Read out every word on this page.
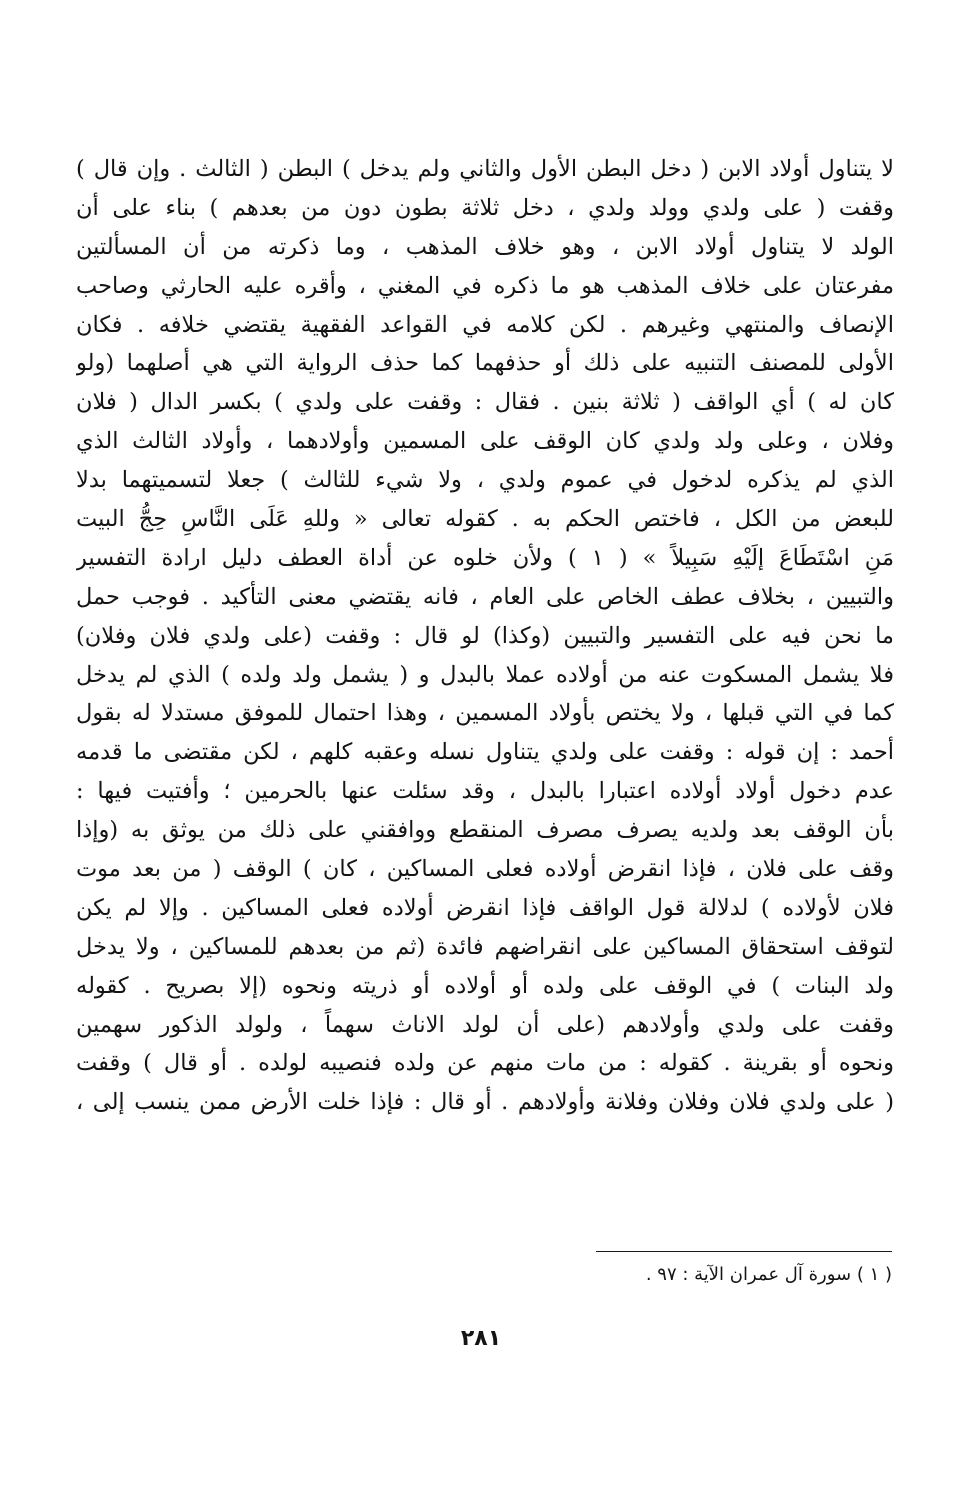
لا يتناول أولاد الابن ( دخل البطن الأول والثاني ولم يدخل ) البطن ( الثالث . وإن قال )
وقفت ( على ولدي وولد ولدي ، دخل ثلاثة بطون دون من بعدهم ) بناء على أن
الولد لا يتناول أولاد الابن ، وهو خلاف المذهب ، وما ذكرته من أن المسألتين
مفرعتان على خلاف المذهب هو ما ذكره في المغني ، وأقره عليه الحارثي وصاحب
الإنصاف والمنتهي وغيرهم . لكن كلامه في القواعد الفقهية يقتضي خلافه . فكان
الأولى للمصنف التنبيه على ذلك أو حذفهما كما حذف الرواية التي هي أصلهما (ولو
كان له ) أي الواقف ( ثلاثة بنين . فقال : وقفت على ولدي ) بكسر الدال ( فلان
وفلان ، وعلى ولد ولدي كان الوقف على المسمين وأولادهما ، وأولاد الثالث الذي
الذي لم يذكره لدخول في عموم ولدي ، ولا شيء للثالث ) جعلا لتسميتهما بدلا
للبعض من الكل ، فاختص الحكم به . كقوله تعالى « وللهِ عَلَى النَّاسِ حِجُّ البيت
مَنِ اسْتَطَاعَ إلَيْهِ سَبِيلاً » ( ١ ) ولأن خلوه عن أداة العطف دليل ارادة التفسير
والتبيين ، بخلاف عطف الخاص على العام ، فانه يقتضي معنى التأكيد . فوجب حمل
ما نحن فيه على التفسير والتبيين (وكذا) لو قال : وقفت (على ولدي فلان وفلان)
فلا يشمل المسكوت عنه من أولاده عملا بالبدل و ( يشمل ولد ولده ) الذي لم يدخل
كما في التي قبلها ، ولا يختص بأولاد المسمين ، وهذا احتمال للموفق مستدلا له بقول
أحمد : إن قوله : وقفت على ولدي يتناول نسله وعقبه كلهم ، لكن مقتضى ما قدمه
عدم دخول أولاد أولاده اعتبارا بالبدل ، وقد سئلت عنها بالحرمين ؛ وأفتيت فيها :
بأن الوقف بعد ولديه يصرف مصرف المنقطع ووافقني على ذلك من يوثق به (وإذا
وقف على فلان ، فإذا انقرض أولاده فعلى المساكين ، كان ) الوقف ( من بعد موت
فلان لأولاده ) لدلالة قول الواقف فإذا انقرض أولاده فعلى المساكين . وإلا لم يكن
لتوقف استحقاق المساكين على انقراضهم فائدة (ثم من بعدهم للمساكين ، ولا يدخل
ولد البنات ) في الوقف على ولده أو أولاده أو ذريته ونحوه (إلا بصريح . كقوله
وقفت على ولدي وأولادهم (على أن لولد الاناث سهماً ، ولولد الذكور سهمين
ونحوه أو بقرينة . كقوله : من مات منهم عن ولده فنصيبه لولده . أو قال ) وقفت
( على ولدي فلان وفلان وفلانة وأولادهم . أو قال : فإذا خلت الأرض ممن ينسب إلى ،

( ١ ) سورة آل عمران الآية : ٩٧ .

٢٨١
